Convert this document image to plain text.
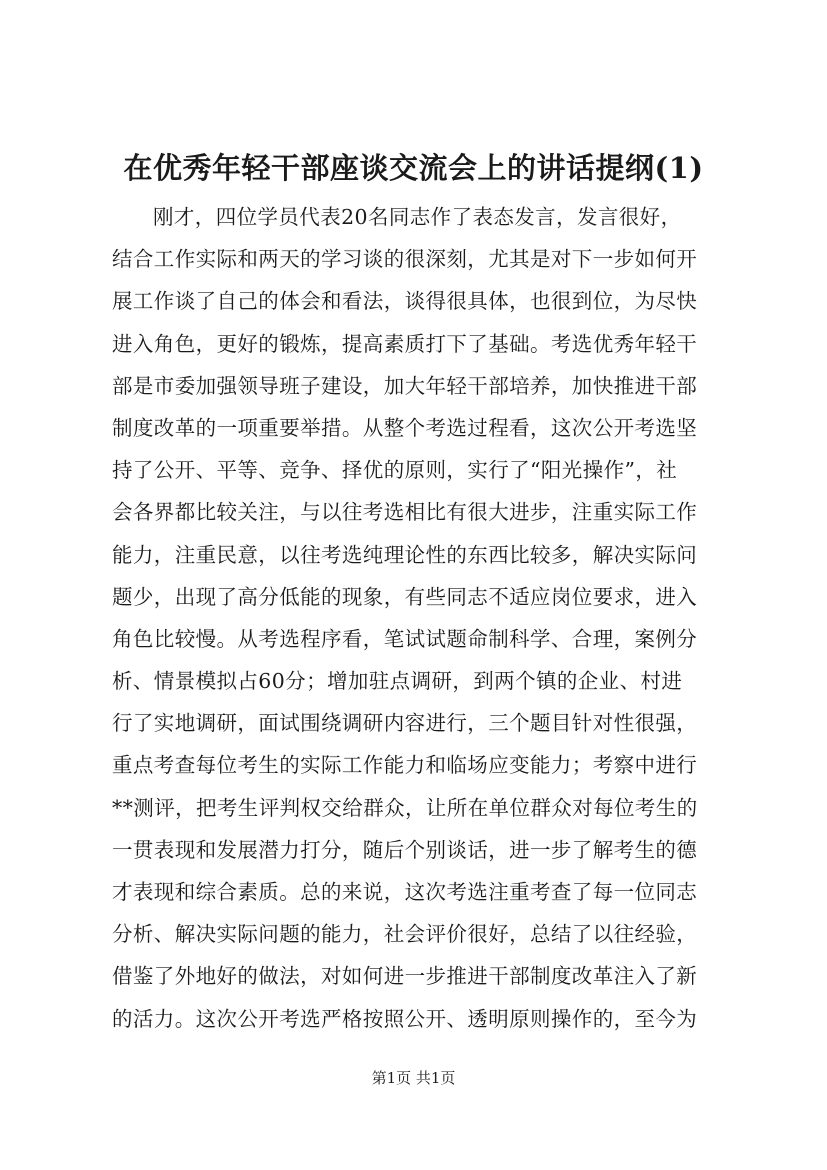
在优秀年轻干部座谈交流会上的讲话提纲(1)
刚才，四位学员代表20名同志作了表态发言，发言很好，
结合工作实际和两天的学习谈的很深刻，尤其是对下一步如何开
展工作谈了自己的体会和看法，谈得很具体，也很到位，为尽快
进入角色，更好的锻炼，提高素质打下了基础。考选优秀年轻干
部是市委加强领导班子建设，加大年轻干部培养，加快推进干部
制度改革的一项重要举措。从整个考选过程看，这次公开考选坚
持了公开、平等、竞争、择优的原则，实行了“阳光操作”，社
会各界都比较关注，与以往考选相比有很大进步，注重实际工作
能力，注重民意，以往考选纯理论性的东西比较多，解决实际问
题少，出现了高分低能的现象，有些同志不适应岗位要求，进入
角色比较慢。从考选程序看，笔试试题命制科学、合理，案例分
析、情景模拟占60分；增加驻点调研，到两个镇的企业、村进
行了实地调研，面试围绕调研内容进行，三个题目针对性很强，
重点考查每位考生的实际工作能力和临场应变能力；考察中进行
**测评，把考生评判权交给群众，让所在单位群众对每位考生的
一贯表现和发展潜力打分，随后个别谈话，进一步了解考生的德
才表现和综合素质。总的来说，这次考选注重考查了每一位同志
分析、解决实际问题的能力，社会评价很好，总结了以往经验，
借鉴了外地好的做法，对如何进一步推进干部制度改革注入了新
的活力。这次公开考选严格按照公开、透明原则操作的，至今为
第1页 共1页
